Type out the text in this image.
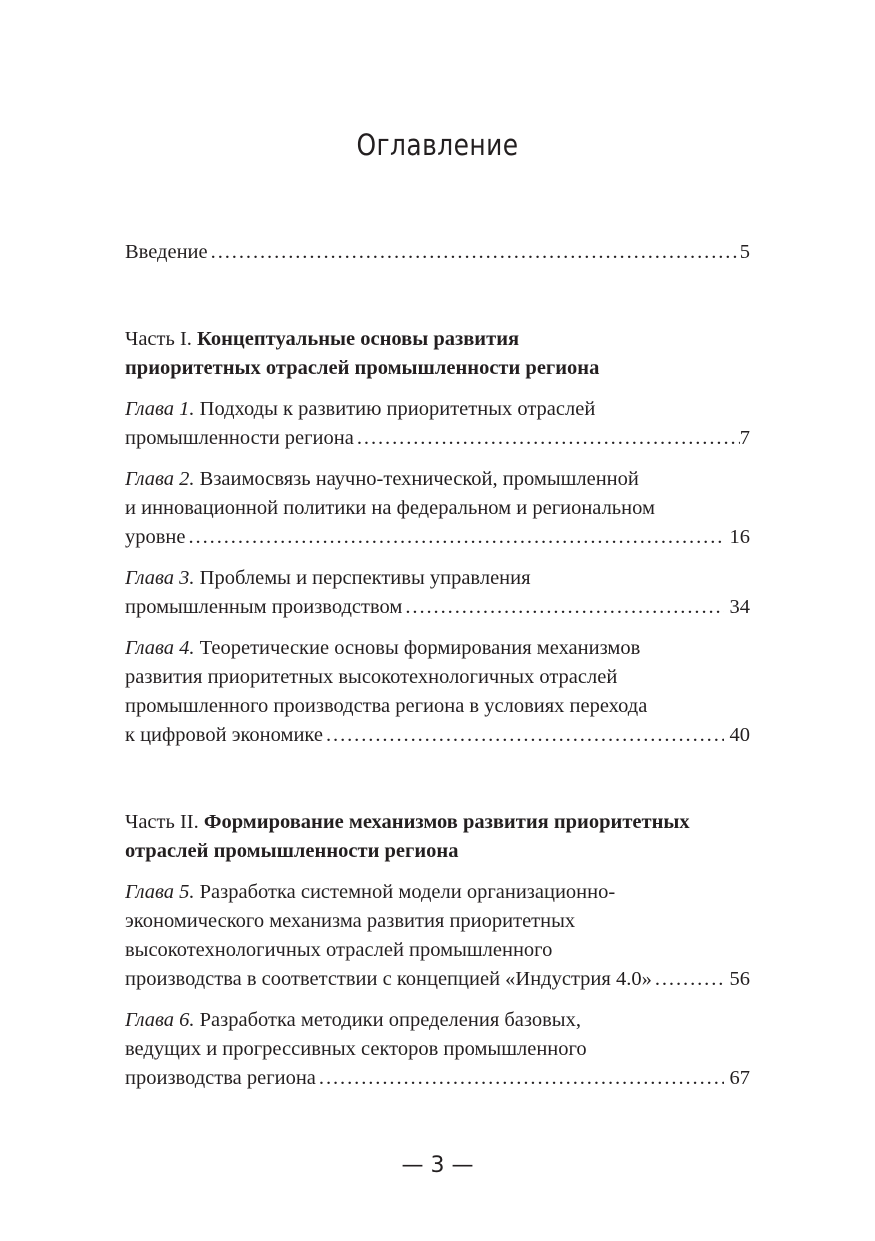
Оглавление
Введение . . .	5
Часть I. Концептуальные основы развития
приоритетных отраслей промышленности региона
Глава 1. Подходы к развитию приоритетных отраслей
промышленности региона . . .	7
Глава 2. Взаимосвязь научно-технической, промышленной
и инновационной политики на федеральном и региональном
уровне . . .	16
Глава 3. Проблемы и перспективы управления
промышленным производством . . .	34
Глава 4. Теоретические основы формирования механизмов
развития приоритетных высокотехнологичных отраслей
промышленного производства региона в условиях перехода
к цифровой экономике . . .	40
Часть II. Формирование механизмов развития приоритетных
отраслей промышленности региона
Глава 5. Разработка системной модели организационно-
экономического механизма развития приоритетных
высокотехнологичных отраслей промышленного
производства в соответствии с концепцией «Индустрия 4.0» . . .	56
Глава 6. Разработка методики определения базовых,
ведущих и прогрессивных секторов промышленного
производства региона . . .	67
— 3 —
